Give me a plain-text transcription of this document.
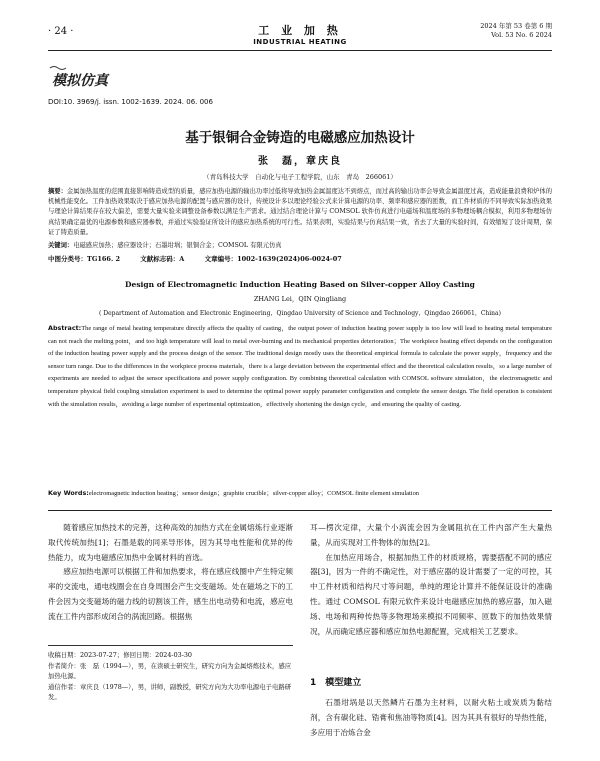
· 24 ·	工 业 加 热
INDUSTRIAL HEATING
2024 年第 53 卷第 6 期
Vol. 53 No. 6 2024
模拟仿真
DOI:10. 3969/j. issn. 1002-1639. 2024. 06. 006
基于银铜合金铸造的电磁感应加热设计
张　磊，章庆良
（青岛科技大学　自动化与电子工程学院，山东　青岛　266061）
摘要：金属加热温度的范围直接影响铸造成型的质量，感应加热电源的输出功率过低将导致加热金属温度达不到熔点，而过高的输出功率会导致金属温度过高，造成能量浪费和炉体的机械性能变化。工件加热效果取决于感应加热电源的配置与感应器的设计，传统设计多以理论经验公式来计算电源的功率、频率和感应器的匝数，而工件材质的不同导致实际加热效果与理论计算结果存在较大偏差，需要大量实验来调整设备参数以满足生产需求。通过结合理论计算与 COMSOL 软件仿真进行电磁场和温度场的多物理场耦合模拟，利用多物理场仿真结果确定最优的电源参数和感应器参数，并通过实验验证所设计的感应加热系统的可行性。结果表明，实验结果与仿真结果一致，省去了大量的实验时间，有效缩短了设计周期，保证了铸造质量。
关键词：电磁感应加热；感应器设计；石墨坩埚；银铜合金；COMSOL 有限元仿真
中图分类号：TG166. 2	文献标志码：A	文章编号：1002-1639(2024)06-0024-07
Design of Electromagnetic Induction Heating Based on Silver-copper Alloy Casting
ZHANG Lei，QIN Qingliang
( Department of Automation and Electronic Engineering，Qingdao University of Science and Technology，Qingdao 266061，China)
Abstract:The range of metal heating temperature directly affects the quality of casting，the output power of induction heating power supply is too low will lead to heating metal temperature can not reach the melting point，and too high temperature will lead to metal over-burning and its mechanical properties deterioration；The workpiece heating effect depends on the configuration of the induction heating power supply and the process design of the sensor. The traditional design mostly uses the theoretical empirical formula to calculate the power supply，frequency and the sensor turn range. Due to the differences in the workpiece process materials，there is a large deviation between the experimental effect and the theoretical calculation results，so a large number of experiments are needed to adjust the sensor specifications and power supply configuration. By combining theoretical calculation with COMSOL software simulation，the electromagnetic and temperature physical field coupling simulation experiment is used to determine the optimal power supply parameter configuration and complete the sensor design. The field operation is consistent with the simulation results，avoiding a large number of experimental optimization，effectively shortening the design cycle，and ensuring the quality of casting.
Key Words:electromagnetic induction heating；sensor design；graphite crucible；silver-copper alloy；COMSOL finite element simulation

随着感应加热技术的完善，这种高效的加热方式在金属熔炼行业逐渐取代传统加热[1]；石墨是载的同来导形体，因为其导电性能和优异的传热能力，成为电磁感应加热中金属材料的首选。

感应加热电源可以根据工件和加热要求，将在感应线圈中产生特定频率的交流电，通电线圈会在自身周围会产生交变磁场。处在磁场之下的工件会因为交变磁场的磁力线的切割该工件，感生出电动势和电流，感应电流在工件内部形成闭合的涡流回路。根据焦

耳—楞次定律，大量个小涡流会因为金属阻抗在工件内部产生大量热量，从而实现对工件物体的加热[2]。

在加热应用场合，根据加热工件的材质规格，需要搭配不同的感应器[3]，因为一件的不确定性，对于感应器的设计需要了一定的可控，其中工件材质和结构尺寸等问题，单纯的理论计算并不能保证设计的准确性。通过 COMSOL 有限元软件来设计电磁感应加热的感应器，加入磁场、电场和两种传热等多物理场来模拟不同频率、匝数下的加热效果情况，从而确定感应器和感应加热电源配置，完成相关工艺要求。

收稿日期：2023-07-27；修回日期：2024-03-30
作者简介：张　磊（1994—），男，在读硕士研究生，研究方向为金属熔炼技术，感应加热电源。
通信作者：章庆良（1978—），男，讲师，副教授，研究方向为大功率电源电子电路研发。
1　模型建立

石墨坩埚是以天然鳞片石墨为主材料，以耐火粘土或炭质为黏结剂，含有碳化硅、锆膏和焦油等物质[4]。因为其具有很好的导热性能，多应用于冶炼合金
